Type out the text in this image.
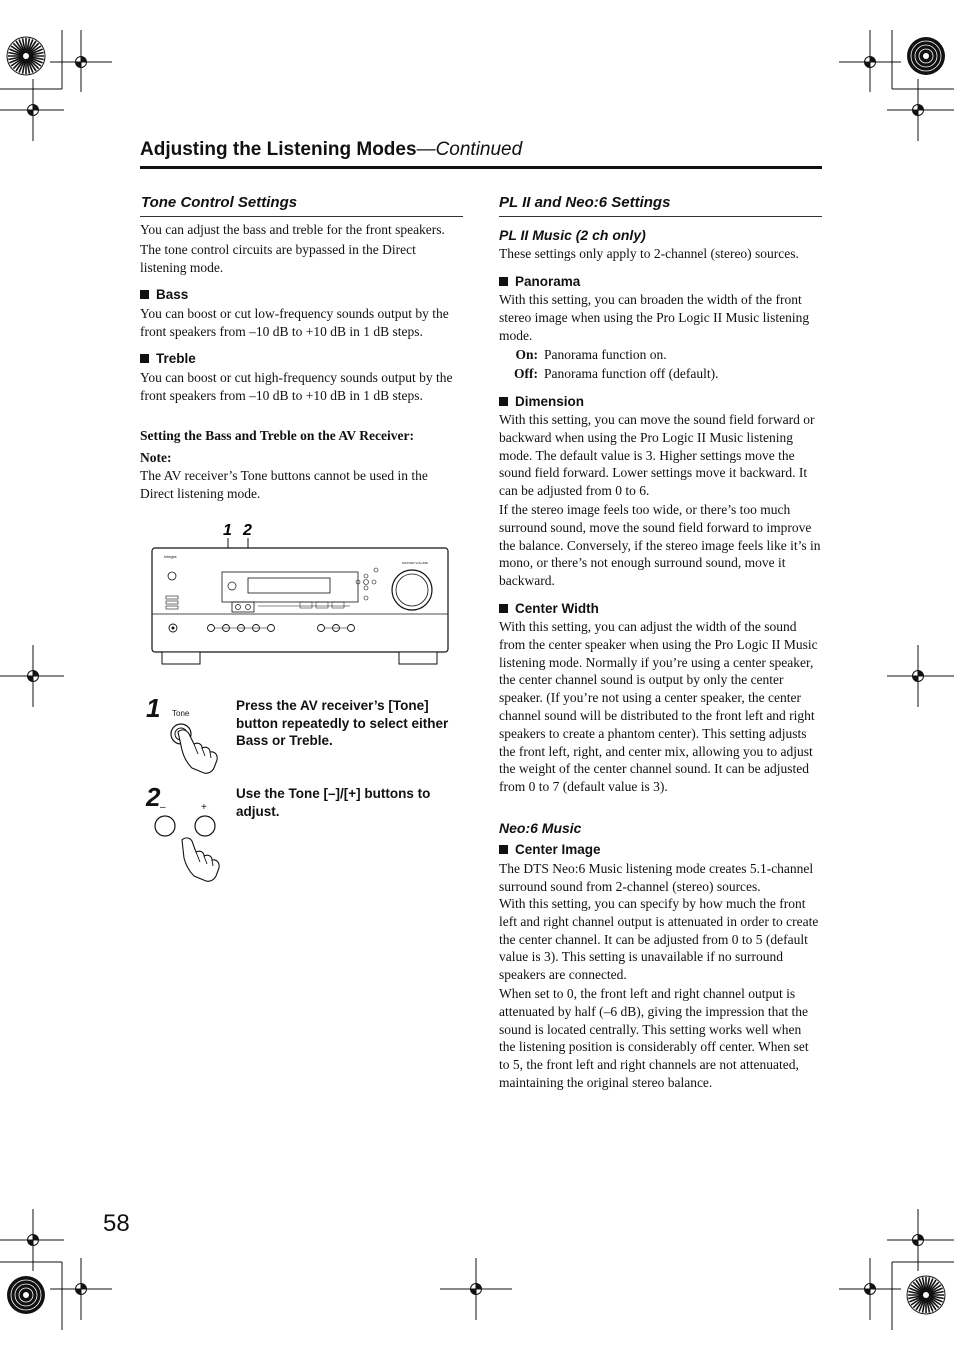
Adjusting the Listening Modes—Continued
Tone Control Settings
You can adjust the bass and treble for the front speakers.
The tone control circuits are bypassed in the Direct listening mode.
Bass
You can boost or cut low-frequency sounds output by the front speakers from –10 dB to +10 dB in 1 dB steps.
Treble
You can boost or cut high-frequency sounds output by the front speakers from –10 dB to +10 dB in 1 dB steps.
Setting the Bass and Treble on the AV Receiver:
Note:
The AV receiver’s Tone buttons cannot be used in the Direct listening mode.
1 2
Integra
MASTER VOLUME
1 Tone
Press the AV receiver’s [Tone] button repeatedly to select either Bass or Treble.
2 –	+
Use the Tone [–]/[+] buttons to adjust.
PL II and Neo:6 Settings
PL II Music (2 ch only)
These settings only apply to 2-channel (stereo) sources.
Panorama
With this setting, you can broaden the width of the front stereo image when using the Pro Logic II Music listening mode.
On: Panorama function on.
Off: Panorama function off (default).
Dimension
With this setting, you can move the sound field forward or backward when using the Pro Logic II Music listening mode. The default value is 3. Higher settings move the sound field forward. Lower settings move it backward. It can be adjusted from 0 to 6.
If the stereo image feels too wide, or there’s too much surround sound, move the sound field forward to improve the balance. Conversely, if the stereo image feels like it’s in mono, or there’s not enough surround sound, move it backward.
Center Width
With this setting, you can adjust the width of the sound from the center speaker when using the Pro Logic II Music listening mode. Normally if you’re using a center speaker, the center channel sound is output by only the center speaker. (If you’re not using a center speaker, the center channel sound will be distributed to the front left and right speakers to create a phantom center). This setting adjusts the front left, right, and center mix, allowing you to adjust the weight of the center channel sound. It can be adjusted from 0 to 7 (default value is 3).
Neo:6 Music
Center Image
The DTS Neo:6 Music listening mode creates 5.1-channel surround sound from 2-channel (stereo) sources.
With this setting, you can specify by how much the front left and right channel output is attenuated in order to create the center channel. It can be adjusted from 0 to 5 (default value is 3). This setting is unavailable if no surround speakers are connected.
When set to 0, the front left and right channel output is attenuated by half (–6 dB), giving the impression that the sound is located centrally. This setting works well when the listening position is considerably off center. When set to 5, the front left and right channels are not attenuated, maintaining the original stereo balance.
58
